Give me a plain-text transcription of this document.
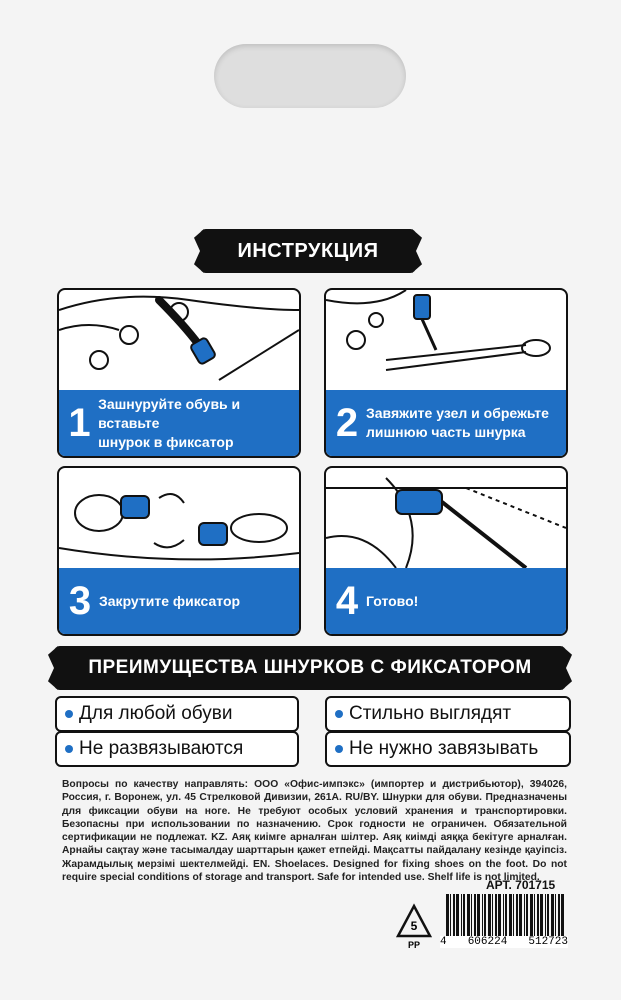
ИНСТРУКЦИЯ
1 Зашнуруйте обувь и вставьте
шнурок в фиксатор	2 Завяжите узел и обрежьте
лишнюю часть шнурка
3 Закрутите фиксатор 4 Готово!
ПРЕИМУЩЕСТВА ШНУРКОВ С ФИКСАТОРОМ
Для любой обуви	Стильно выглядят
Не развязываются	Не нужно завязывать
Вопросы по качеству направлять: ООО «Офис-импэкс» (импортер и дистрибьютор), 394026, Россия, г. Воронеж, ул. 45 Стрелковой Дивизии, 261А. RU/BY. Шнурки для обуви. Предназначены для фиксации обуви на ноге. Не требуют особых условий хранения и транспортировки. Безопасны при использовании по назначению. Срок годности не ограничен. Обязательной сертификации не подлежат. KZ. Аяқ киімге арналған шілтер. Аяқ киімді аяққа бекітуге арналған. Арнайы сақтау және тасымалдау шарттарын қажет етпейді. Мақсатты пайдалану кезінде қауіпсіз. Жарамдылық мерзімі шектелмейді. EN. Shoelaces. Designed for fixing shoes on the foot. Do not require special conditions of storage and transport. Safe for intended use. Shelf life is not limited.
АРТ. 701715
5
PP 4 606224 512723
